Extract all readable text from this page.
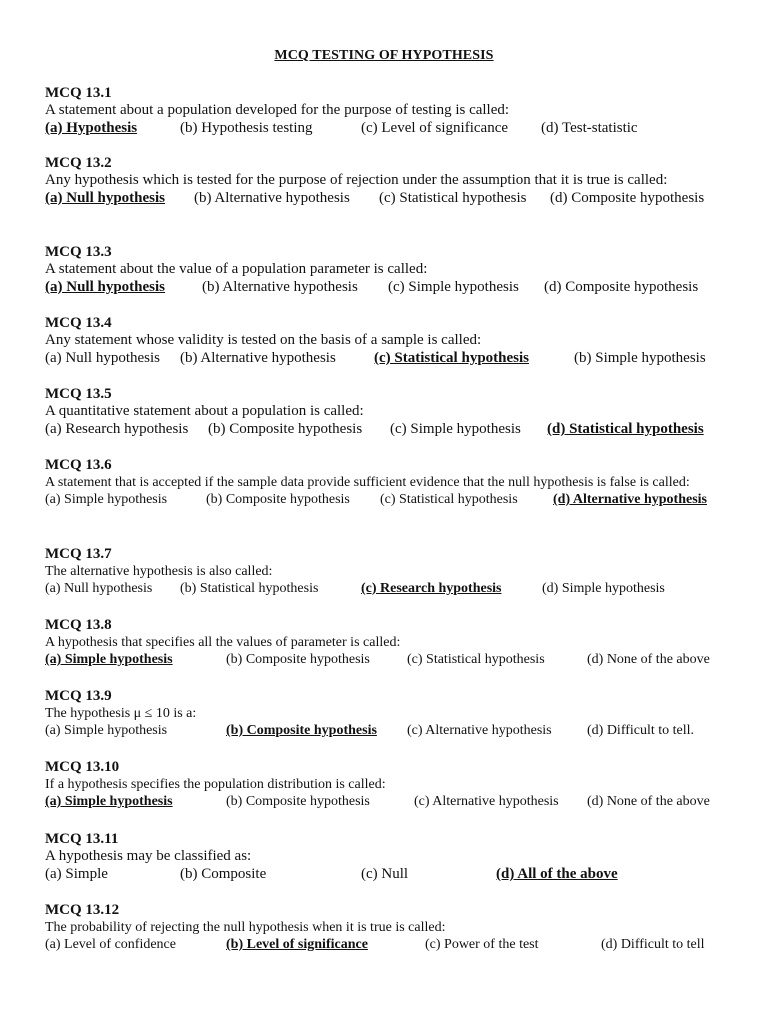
MCQ TESTING OF HYPOTHESIS
MCQ 13.1
A statement about a population developed for the purpose of testing is called:
(a) Hypothesis	(b) Hypothesis testing	(c) Level of significance (d) Test-statistic
MCQ 13.2
Any hypothesis which is tested for the purpose of rejection under the assumption that it is true is called:
(a) Null hypothesis (b) Alternative hypothesis (c) Statistical hypothesis (d) Composite hypothesis
MCQ 13.3
A statement about the value of a population parameter is called:
(a) Null hypothesis (b) Alternative hypothesis (c) Simple hypothesis (d) Composite hypothesis
MCQ 13.4
Any statement whose validity is tested on the basis of a sample is called:
(a) Null hypothesis (b) Alternative hypothesis	(c) Statistical hypothesis	(b) Simple hypothesis
MCQ 13.5
A quantitative statement about a population is called:
(a) Research hypothesis (b) Composite hypothesis (c) Simple hypothesis (d) Statistical hypothesis
MCQ 13.6
A statement that is accepted if the sample data provide sufficient evidence that the null hypothesis is false is called:
(a) Simple hypothesis	(b) Composite hypothesis (c) Statistical hypothesis	(d) Alternative hypothesis
MCQ 13.7
The alternative hypothesis is also called:
(a) Null hypothesis (b) Statistical hypothesis	(c) Research hypothesis	(d) Simple hypothesis
MCQ 13.8
A hypothesis that specifies all the values of parameter is called:
(a) Simple hypothesis	(b) Composite hypothesis	(c) Statistical hypothesis	(d) None of the above
MCQ 13.9
The hypothesis μ ≤ 10 is a:
(a) Simple hypothesis	(b) Composite hypothesis (c) Alternative hypothesis	(d) Difficult to tell.
MCQ 13.10
If a hypothesis specifies the population distribution is called:
(a) Simple hypothesis	(b) Composite hypothesis	(c) Alternative hypothesis (d) None of the above
MCQ 13.11
A hypothesis may be classified as:
(a) Simple	(b) Composite	(c) Null	(d) All of the above
MCQ 13.12
The probability of rejecting the null hypothesis when it is true is called:
(a) Level of confidence	(b) Level of significance	(c) Power of the test	(d) Difficult to tell
